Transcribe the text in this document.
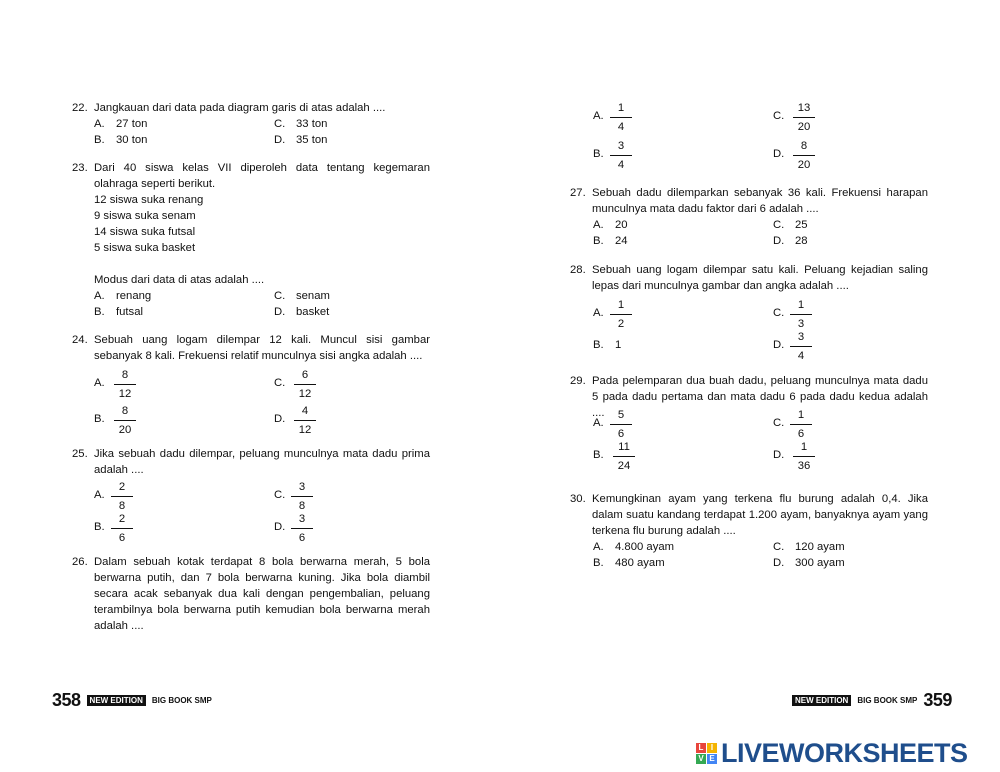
22. Jangkauan dari data pada diagram garis di atas adalah ....
A. 27 ton
B. 30 ton
C. 33 ton
D. 35 ton
23. Dari 40 siswa kelas VII diperoleh data tentang kegemaran olahraga seperti berikut.
12 siswa suka renang
9 siswa suka senam
14 siswa suka futsal
5 siswa suka basket
Modus dari data di atas adalah ....
A. renang
B. futsal
C. senam
D. basket
24. Sebuah uang logam dilempar 12 kali. Muncul sisi gambar sebanyak 8 kali. Frekuensi relatif munculnya sisi angka adalah ....
A. $\frac{8}{12}$
B. $\frac{8}{20}$
C. $\frac{6}{12}$
D. $\frac{4}{12}$
25. Jika sebuah dadu dilempar, peluang munculnya mata dadu prima adalah ....
A. $\frac{2}{8}$
B. $\frac{2}{6}$
C. $\frac{3}{8}$
D. $\frac{3}{6}$
26. Dalam sebuah kotak terdapat 8 bola berwarna merah, 5 bola berwarna putih, dan 7 bola berwarna kuning. Jika bola diambil secara acak sebanyak dua kali dengan pengembalian, peluang terambilnya bola berwarna putih kemudian bola berwarna merah adalah ....
358	NEW EDITION	BIG BOOK SMP
A. $\frac{1}{4}$
B. $\frac{3}{4}$
C. $\frac{13}{20}$
D. $\frac{8}{20}$
27. Sebuah dadu dilemparkan sebanyak 36 kali. Frekuensi harapan munculnya mata dadu faktor dari 6 adalah ....
A. 20
B. 24
C. 25
D. 28
28. Sebuah uang logam dilempar satu kali. Peluang kejadian saling lepas dari munculnya gambar dan angka adalah ....
A. $\frac{1}{2}$
B. 1
C. $\frac{1}{3}$
D. $\frac{3}{4}$
29. Pada pelemparan dua buah dadu, peluang munculnya mata dadu 5 pada dadu pertama dan mata dadu 6 pada dadu kedua adalah ....
A. $\frac{5}{6}$
B. $\frac{11}{24}$
C. $\frac{1}{6}$
D. $\frac{1}{36}$
30. Kemungkinan ayam yang terkena flu burung adalah 0,4. Jika dalam suatu kandang terdapat 1.200 ayam, banyaknya ayam yang terkena flu burung adalah ....
A. 4.800 ayam
B. 480 ayam
C. 120 ayam
D. 300 ayam
NEW EDITION	BIG BOOK SMP 359
L I
V E LIVEWORKSHEETS
